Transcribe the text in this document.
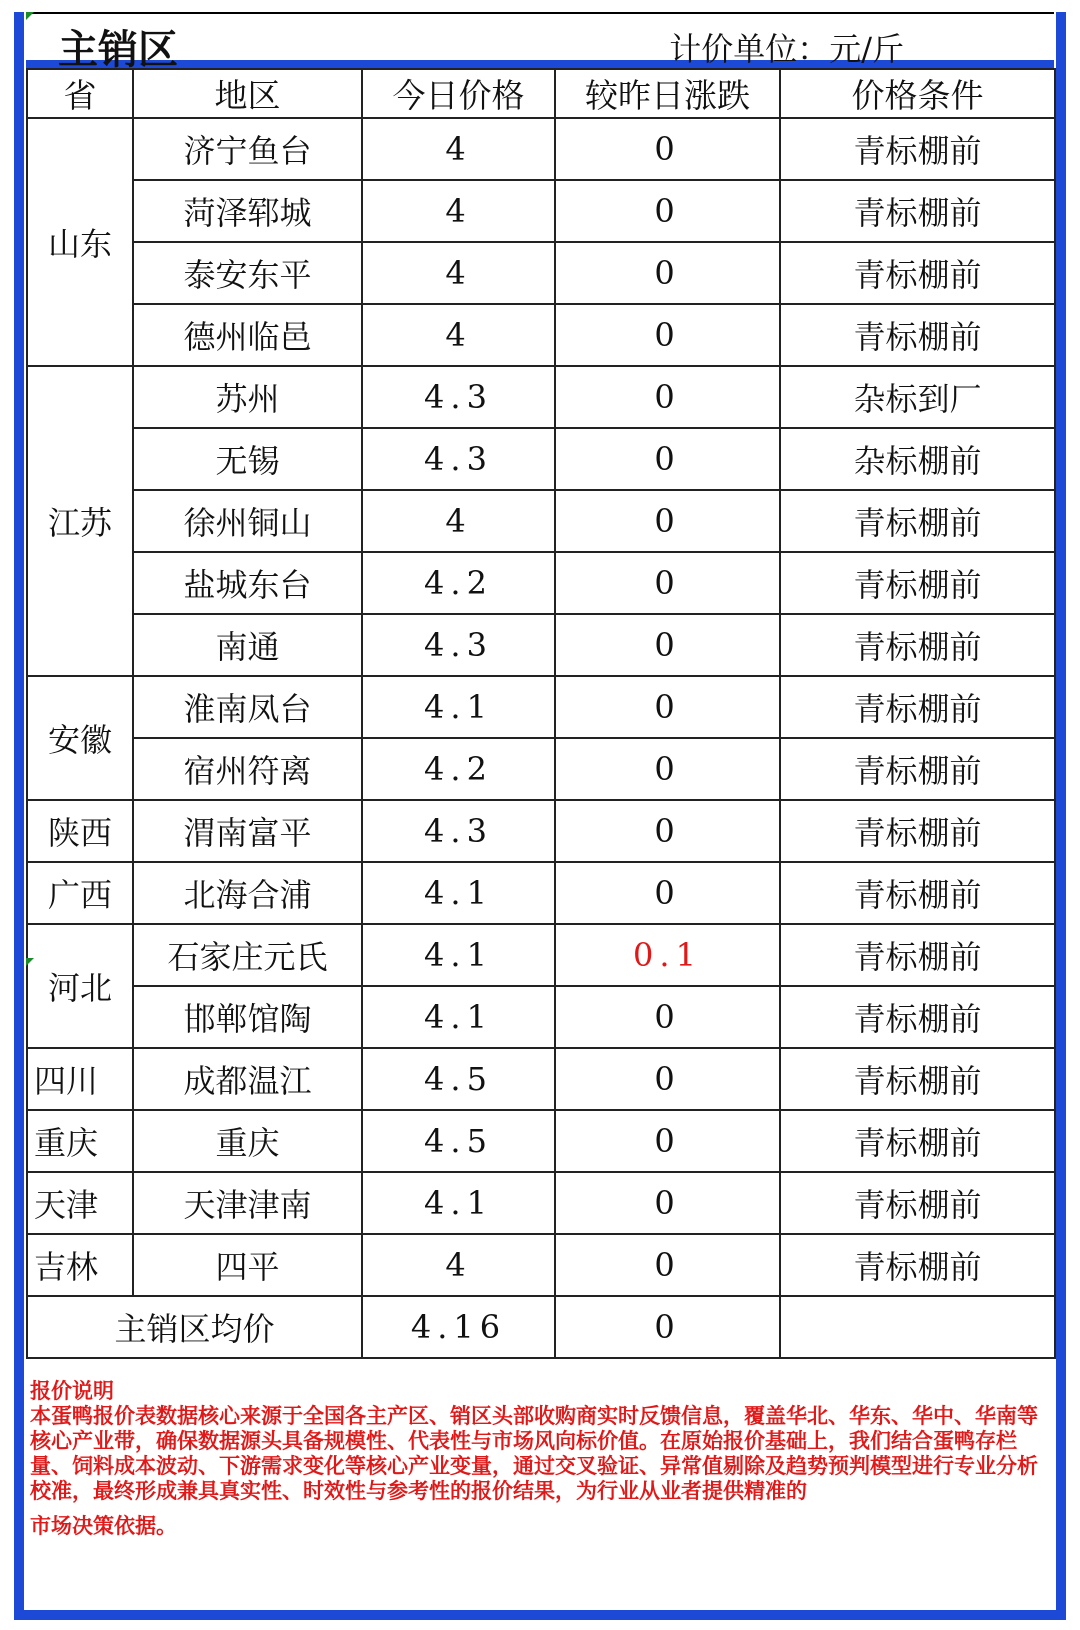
主销区	计价单位：元/斤
省	地区	今日价格	较昨日涨跌	价格条件
山东	济宁鱼台	4	0	青标棚前
	菏泽郓城	4	0	青标棚前
	泰安东平	4	0	青标棚前
	德州临邑	4	0	青标棚前
江苏	苏州	4.3	0	杂标到厂
	无锡	4.3	0	杂标棚前
	徐州铜山	4	0	青标棚前
	盐城东台	4.2	0	青标棚前
	南通	4.3	0	青标棚前
安徽	淮南凤台	4.1	0	青标棚前
	宿州符离	4.2	0	青标棚前
陕西	渭南富平	4.3	0	青标棚前
广西	北海合浦	4.1	0	青标棚前
河北	石家庄元氏	4.1	0.1	青标棚前
	邯郸馆陶	4.1	0	青标棚前
四川	成都温江	4.5	0	青标棚前
重庆	重庆	4.5	0	青标棚前
天津	天津津南	4.1	0	青标棚前
吉林	四平	4	0	青标棚前
主销区均价		4.16	0	
报价说明
本蛋鸭报价表数据核心来源于全国各主产区、销区头部收购商实时反馈信息，覆盖华北、华东、华中、华南等核心产业带，确保数据源头具备规模性、代表性与市场风向标价值。在原始报价基础上，我们结合蛋鸭存栏量、饲料成本波动、下游需求变化等核心产业变量，通过交叉验证、异常值剔除及趋势预判模型进行专业分析校准，最终形成兼具真实性、时效性与参考性的报价结果，为行业从业者提供精准的
市场决策依据。
